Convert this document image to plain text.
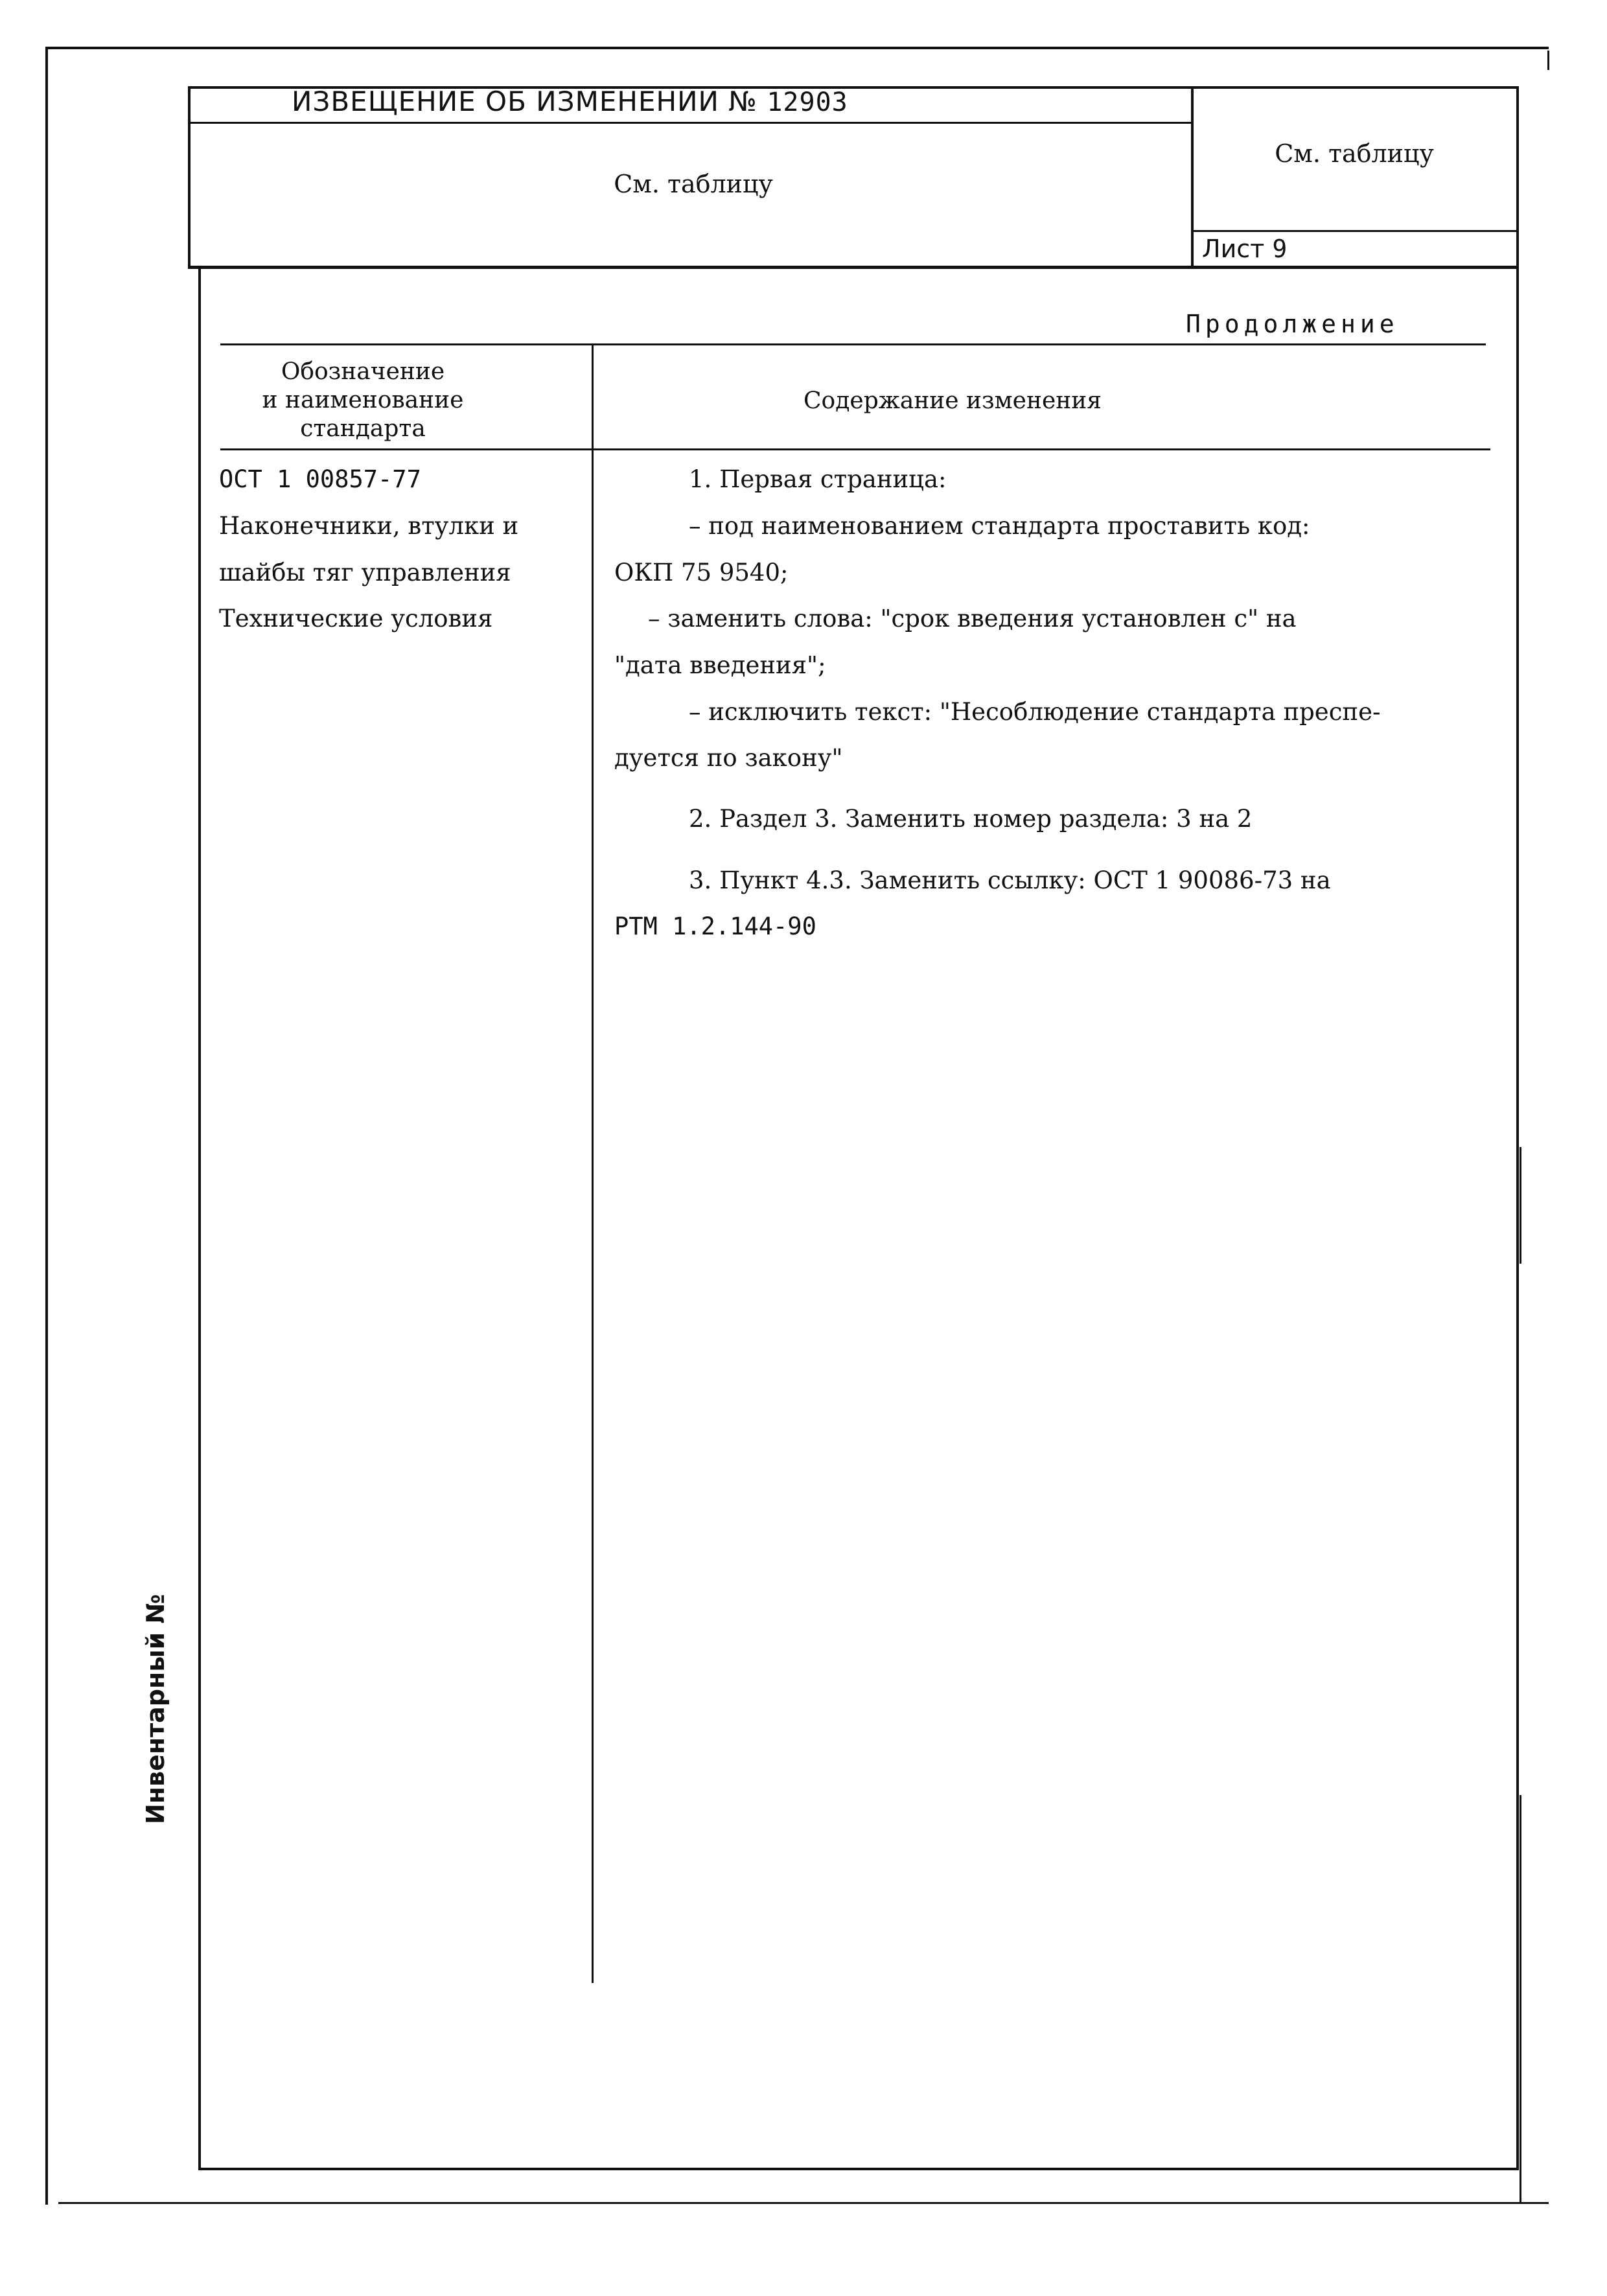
ИЗВЕЩЕНИЕ ОБ ИЗМЕНЕНИИ № 12903
См. таблицу
См. таблицу
Лист 9
Продолжение
Обозначение
и наименование
стандарта
Содержание изменения
ОСТ 1 00857-77
Наконечники, втулки и
шайбы тяг управления
Технические условия
1. Первая страница:
– под наименованием стандарта проставить код:
ОКП 75 9540;
– заменить слова: "срок введения установлен с" на
"дата введения";
– исключить текст: "Несоблюдение стандарта преспе-
дуется по закону"
2. Раздел 3. Заменить номер раздела: 3 на 2
3. Пункт 4.3. Заменить ссылку: ОСТ 1 90086-73 на
РТМ 1.2.144-90
Инвентарный №
